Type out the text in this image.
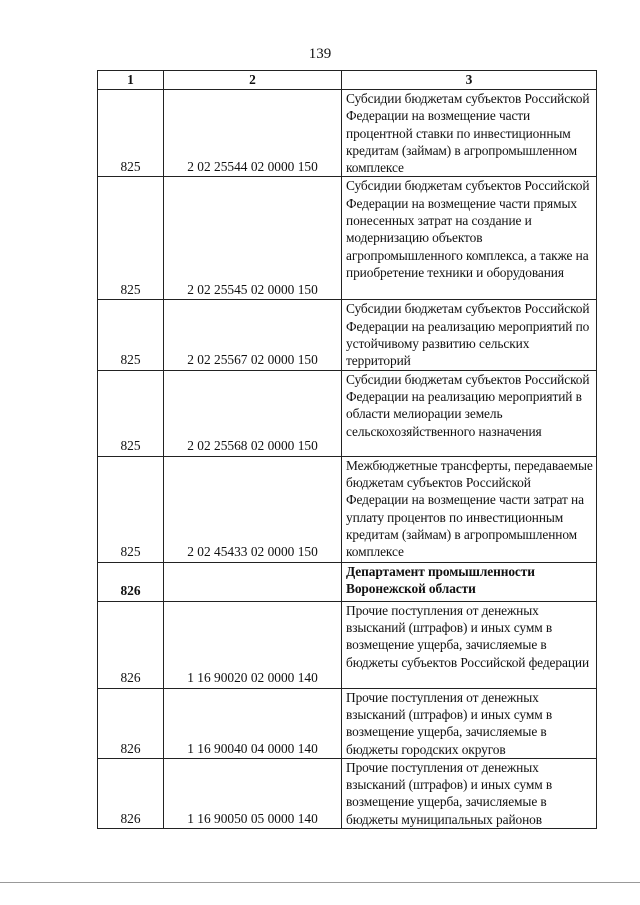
139
1	2	3
825	2 02 25544 02 0000 150	Субсидии бюджетам субъектов Российской Федерации на возмещение части процентной ставки по инвестиционным кредитам (займам) в агропромышленном комплексе
825	2 02 25545 02 0000 150	Субсидии бюджетам субъектов Российской Федерации на возмещение части прямых понесенных затрат на создание и модернизацию объектов агропромышленного комплекса, а также на приобретение техники и оборудования
825	2 02 25567 02 0000 150	Субсидии бюджетам субъектов Российской Федерации на реализацию мероприятий по устойчивому развитию сельских территорий
825	2 02 25568 02 0000 150	Субсидии бюджетам субъектов Российской Федерации на реализацию мероприятий в области мелиорации земель сельскохозяйственного назначения
825	2 02 45433 02 0000 150	Межбюджетные трансферты, передаваемые бюджетам субъектов Российской Федерации на возмещение части затрат на уплату процентов по инвестиционным кредитам (займам) в агропромышленном комплексе
826		Департамент промышленности Воронежской области
826	1 16 90020 02 0000 140	Прочие поступления от денежных взысканий (штрафов) и иных сумм в возмещение ущерба, зачисляемые в бюджеты субъектов Российской федерации
826	1 16 90040 04 0000 140	Прочие поступления от денежных взысканий (штрафов) и иных сумм в возмещение ущерба, зачисляемые в бюджеты городских округов
826	1 16 90050 05 0000 140	Прочие поступления от денежных взысканий (штрафов) и иных сумм в возмещение ущерба, зачисляемые в бюджеты муниципальных районов
